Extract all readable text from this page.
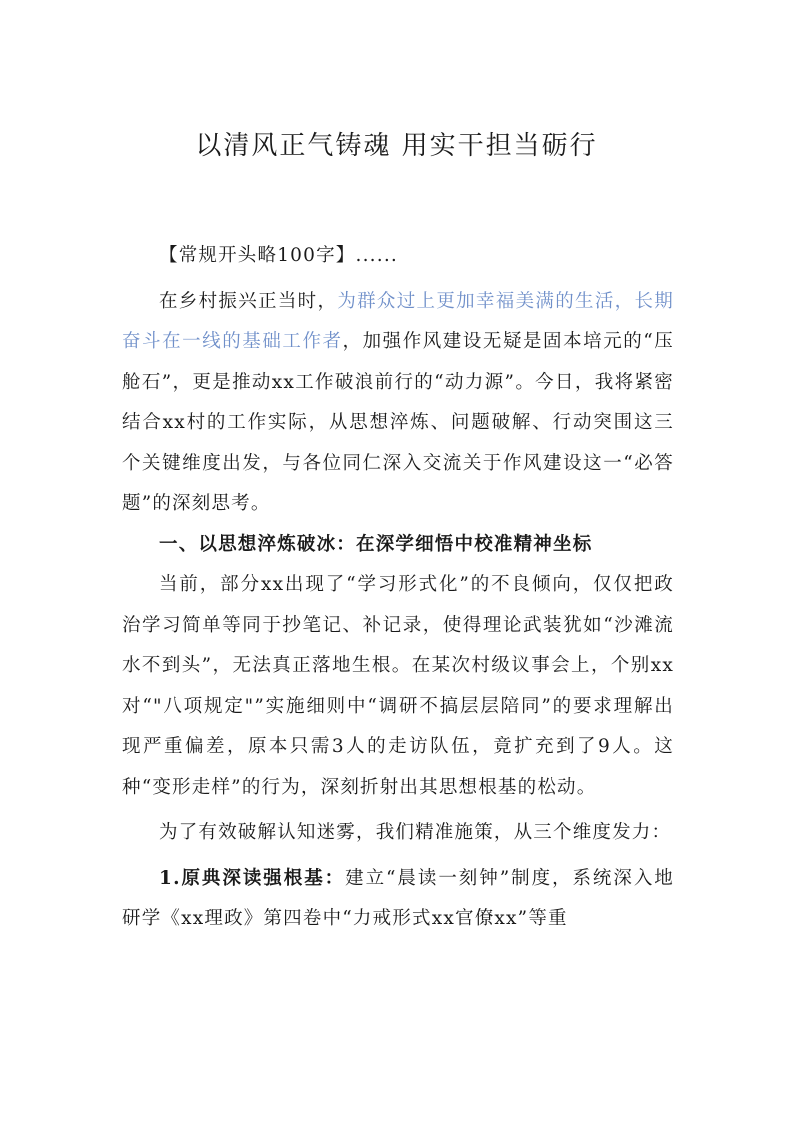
以清风正气铸魂 用实干担当砺行

【常规开头略100字】......

在乡村振兴正当时，为群众过上更加幸福美满的生活，长期奋斗在一线的基础工作者，加强作风建设无疑是固本培元的“压舱石”，更是推动xx工作破浪前行的“动力源”。今日，我将紧密结合xx村的工作实际，从思想淬炼、问题破解、行动突围这三个关键维度出发，与各位同仁深入交流关于作风建设这一“必答题”的深刻思考。

一、以思想淬炼破冰：在深学细悟中校准精神坐标

当前，部分xx出现了“学习形式化”的不良倾向，仅仅把政治学习简单等同于抄笔记、补记录，使得理论武装犹如“沙滩流水不到头”，无法真正落地生根。在某次村级议事会上，个别xx对“"八项规定"”实施细则中“调研不搞层层陪同”的要求理解出现严重偏差，原本只需3人的走访队伍，竟扩充到了9人。这种“变形走样”的行为，深刻折射出其思想根基的松动。

为了有效破解认知迷雾，我们精准施策，从三个维度发力：

1.原典深读强根基：建立“晨读一刻钟”制度，系统深入地研学《xx理政》第四卷中“力戒形式xx官僚xx”等重
